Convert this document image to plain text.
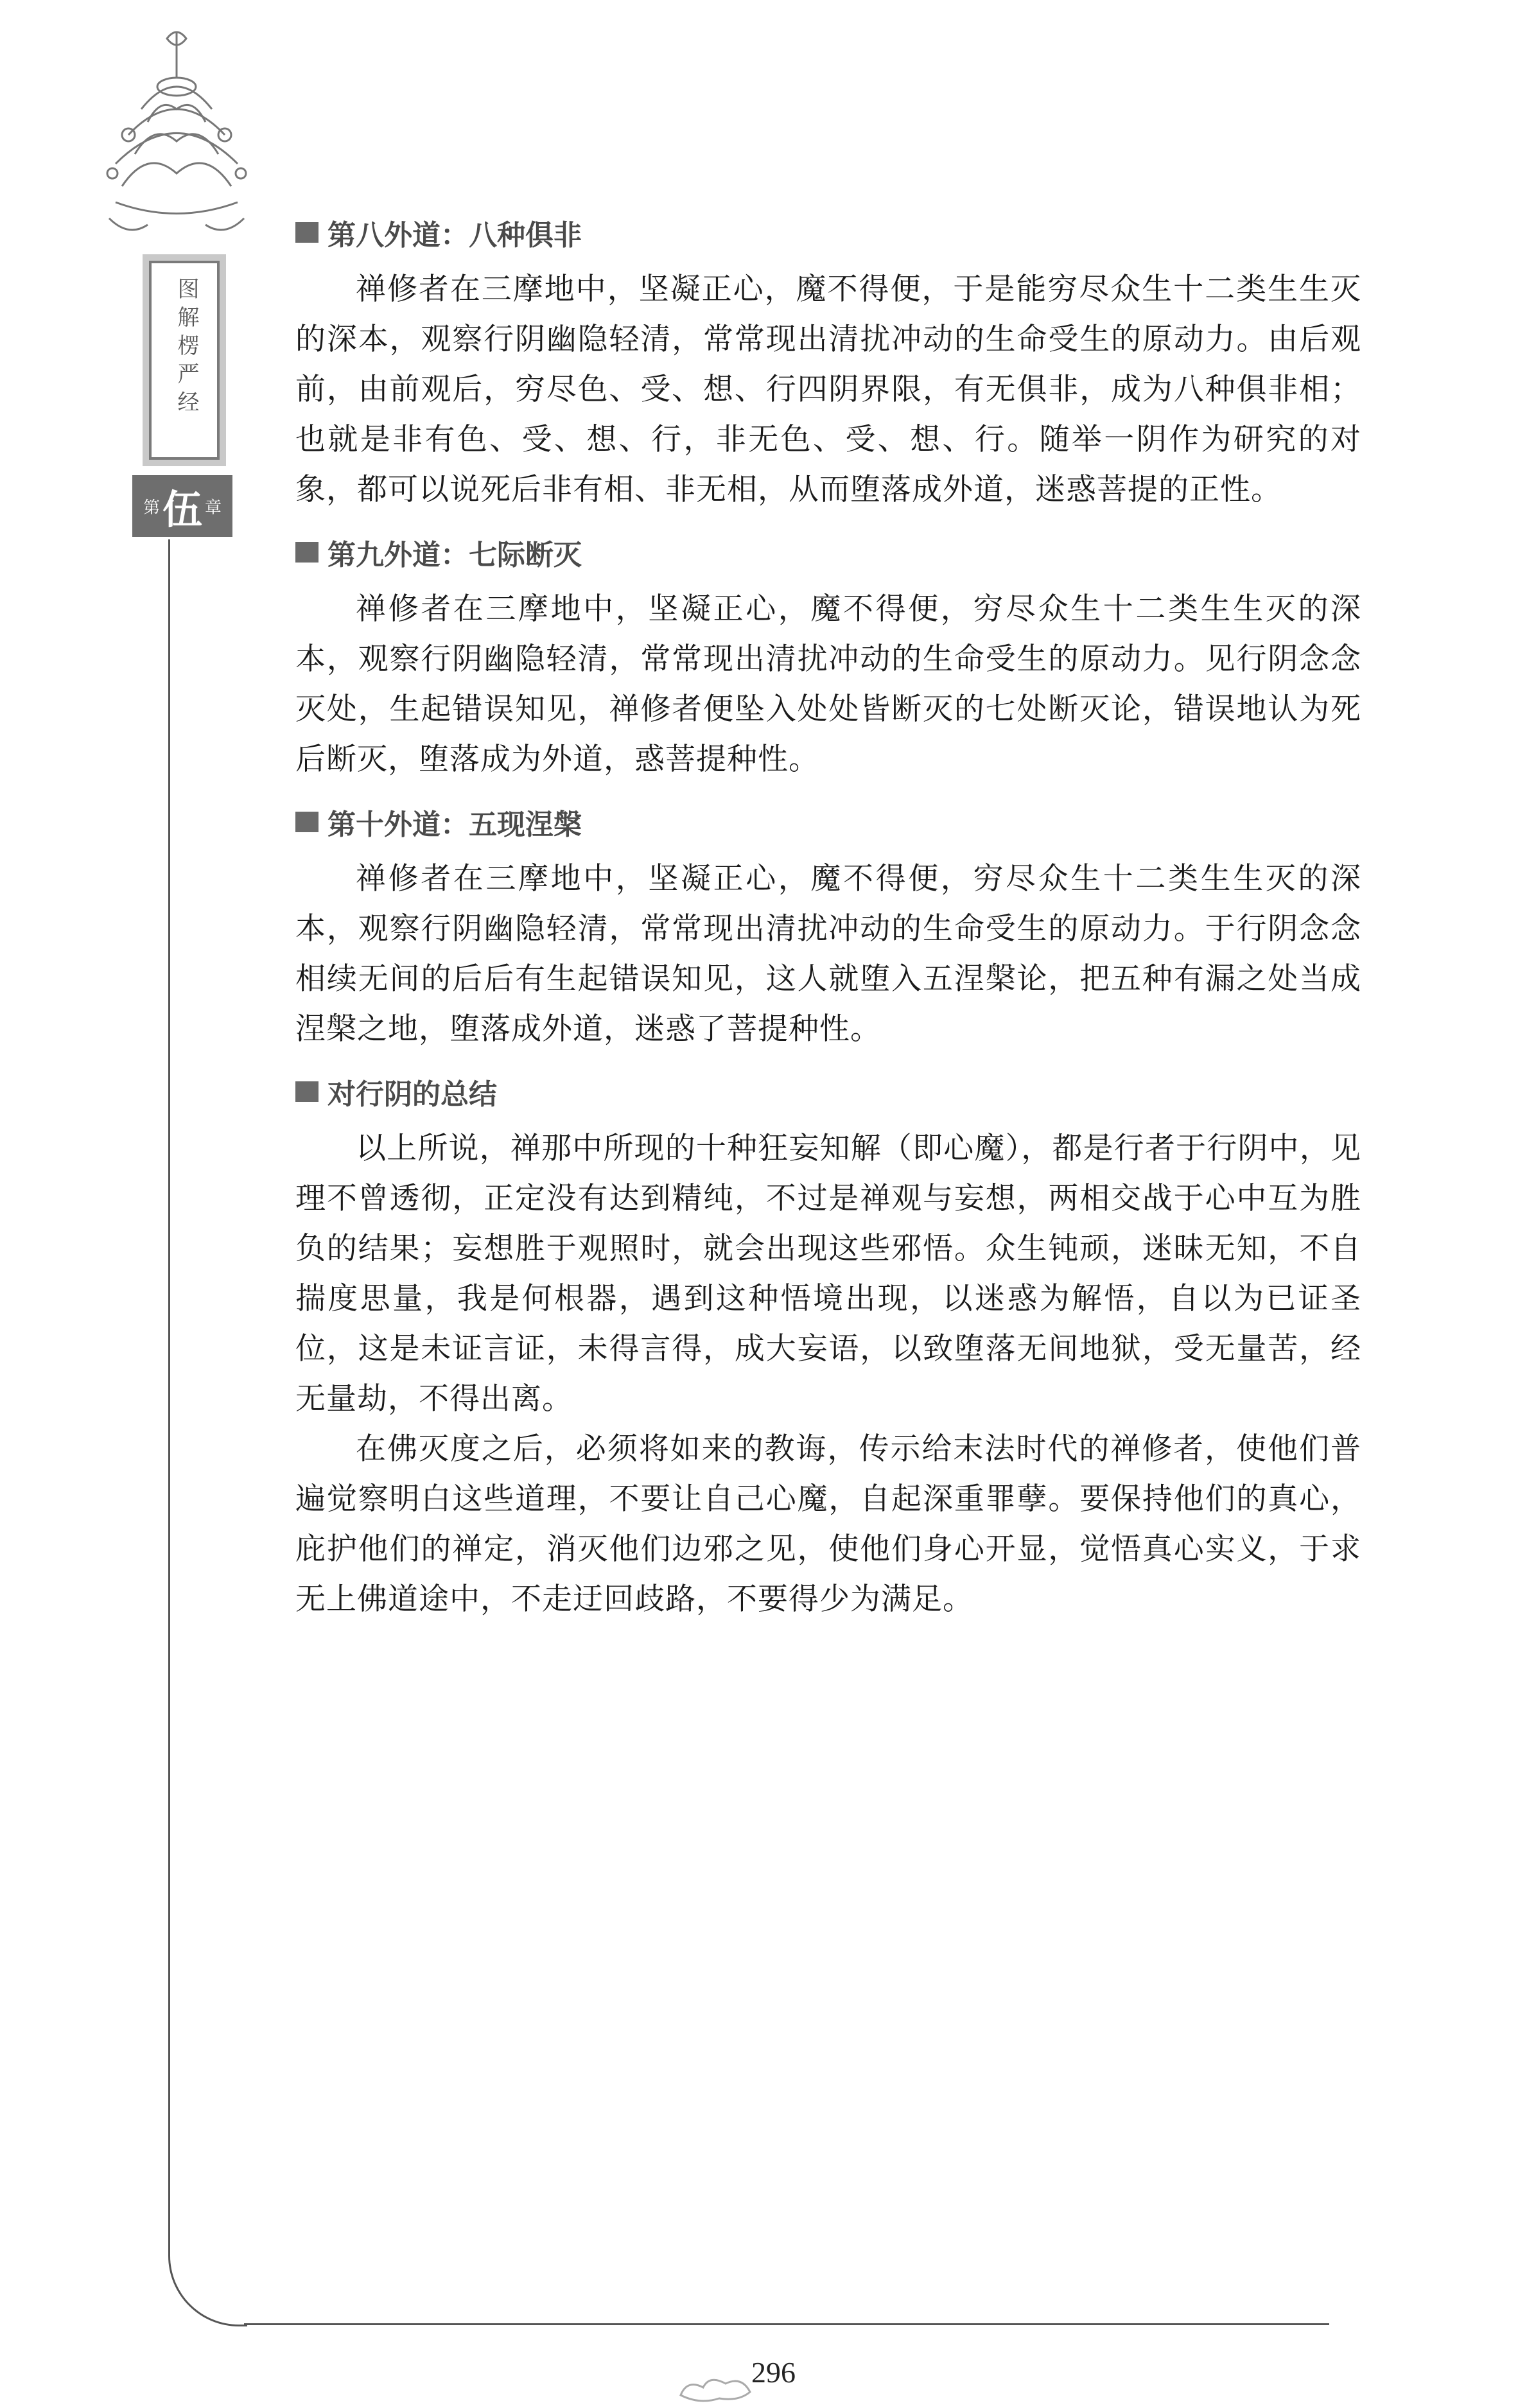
图解楞严经
第 伍 章
第八外道：八种俱非

禅修者在三摩地中，坚凝正心，魔不得便，于是能穷尽众生十二类生生灭的深本，观察行阴幽隐轻清，常常现出清扰冲动的生命受生的原动力。由后观前，由前观后，穷尽色、受、想、行四阴界限，有无俱非，成为八种俱非相；也就是非有色、受、想、行，非无色、受、想、行。随举一阴作为研究的对象，都可以说死后非有相、非无相，从而堕落成外道，迷惑菩提的正性。

第九外道：七际断灭

禅修者在三摩地中，坚凝正心，魔不得便，穷尽众生十二类生生灭的深本，观察行阴幽隐轻清，常常现出清扰冲动的生命受生的原动力。见行阴念念灭处，生起错误知见，禅修者便坠入处处皆断灭的七处断灭论，错误地认为死后断灭，堕落成为外道，惑菩提种性。

第十外道：五现涅槃

禅修者在三摩地中，坚凝正心，魔不得便，穷尽众生十二类生生灭的深本，观察行阴幽隐轻清，常常现出清扰冲动的生命受生的原动力。于行阴念念相续无间的后后有生起错误知见，这人就堕入五涅槃论，把五种有漏之处当成涅槃之地，堕落成外道，迷惑了菩提种性。

对行阴的总结

以上所说，禅那中所现的十种狂妄知解（即心魔），都是行者于行阴中，见理不曾透彻，正定没有达到精纯，不过是禅观与妄想，两相交战于心中互为胜负的结果；妄想胜于观照时，就会出现这些邪悟。众生钝顽，迷昧无知，不自揣度思量，我是何根器，遇到这种悟境出现，以迷惑为解悟，自以为已证圣位，这是未证言证，未得言得，成大妄语，以致堕落无间地狱，受无量苦，经无量劫，不得出离。

在佛灭度之后，必须将如来的教诲，传示给末法时代的禅修者，使他们普遍觉察明白这些道理，不要让自己心魔，自起深重罪孽。要保持他们的真心，庇护他们的禅定，消灭他们边邪之见，使他们身心开显，觉悟真心实义，于求无上佛道途中，不走迂回歧路，不要得少为满足。

296
